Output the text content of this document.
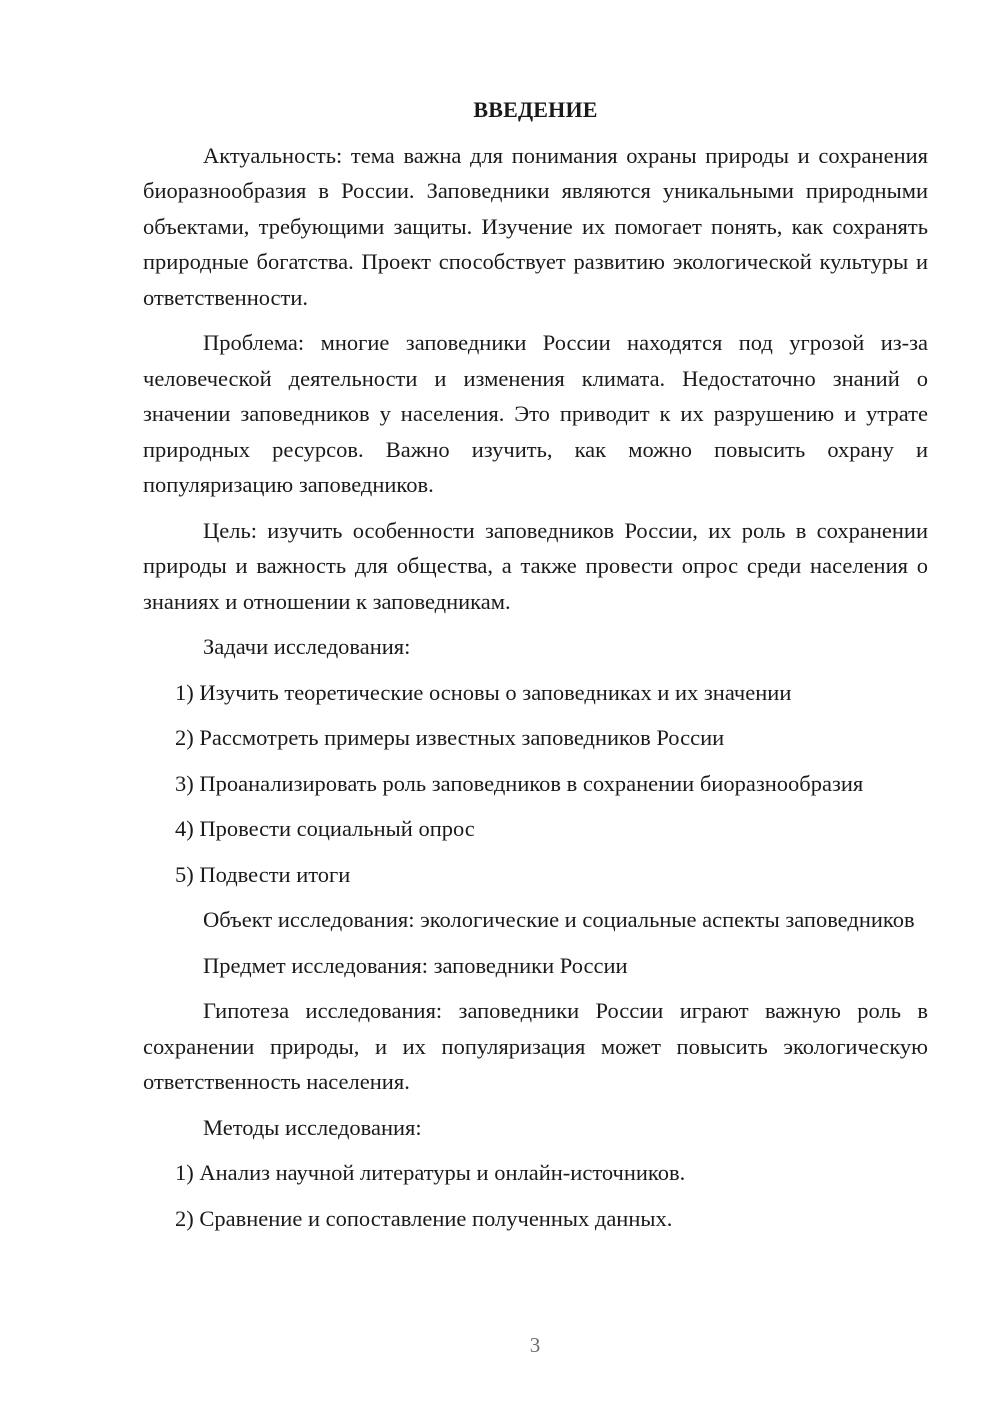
ВВЕДЕНИЕ

Актуальность: тема важна для понимания охраны природы и сохранения биоразнообразия в России. Заповедники являются уникальными природными объектами, требующими защиты. Изучение их помогает понять, как сохранять природные богатства. Проект способствует развитию экологической культуры и ответственности.

Проблема: многие заповедники России находятся под угрозой из-за человеческой деятельности и изменения климата. Недостаточно знаний о значении заповедников у населения. Это приводит к их разрушению и утрате природных ресурсов. Важно изучить, как можно повысить охрану и популяризацию заповедников.

Цель: изучить особенности заповедников России, их роль в сохранении природы и важность для общества, а также провести опрос среди населения о знаниях и отношении к заповедникам.

Задачи исследования:

1) Изучить теоретические основы о заповедниках и их значении

2) Рассмотреть примеры известных заповедников России

3) Проанализировать роль заповедников в сохранении биоразнообразия

4) Провести социальный опрос

5) Подвести итоги

Объект исследования: экологические и социальные аспекты заповедников

Предмет исследования: заповедники России

Гипотеза исследования: заповедники России играют важную роль в сохранении природы, и их популяризация может повысить экологическую ответственность населения.

Методы исследования:

1) Анализ научной литературы и онлайн-источников.

2) Сравнение и сопоставление полученных данных.

3
